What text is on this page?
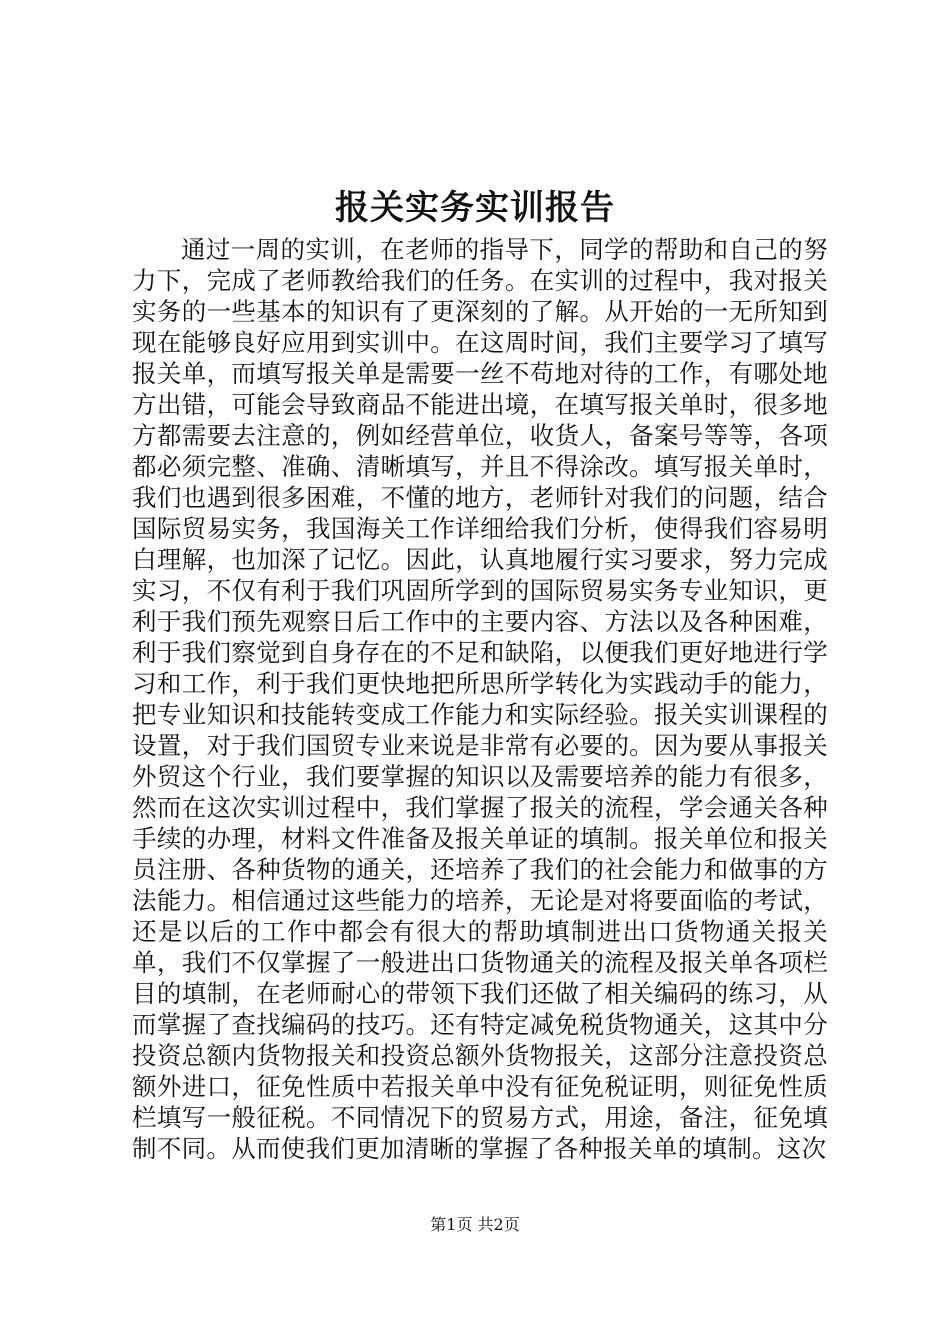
报关实务实训报告

通过一周的实训，在老师的指导下，同学的帮助和自己的努力下，完成了老师教给我们的任务。在实训的过程中，我对报关实务的一些基本的知识有了更深刻的了解。从开始的一无所知到现在能够良好应用到实训中。在这周时间，我们主要学习了填写报关单，而填写报关单是需要一丝不苟地对待的工作，有哪处地方出错，可能会导致商品不能进出境，在填写报关单时，很多地方都需要去注意的，例如经营单位，收货人，备案号等等，各项都必须完整、准确、清晰填写，并且不得涂改。填写报关单时，我们也遇到很多困难，不懂的地方，老师针对我们的问题，结合国际贸易实务，我国海关工作详细给我们分析，使得我们容易明白理解，也加深了记忆。因此，认真地履行实习要求，努力完成实习，不仅有利于我们巩固所学到的国际贸易实务专业知识，更利于我们预先观察日后工作中的主要内容、方法以及各种困难，利于我们察觉到自身存在的不足和缺陷，以便我们更好地进行学习和工作，利于我们更快地把所思所学转化为实践动手的能力，把专业知识和技能转变成工作能力和实际经验。报关实训课程的设置，对于我们国贸专业来说是非常有必要的。因为要从事报关外贸这个行业，我们要掌握的知识以及需要培养的能力有很多，然而在这次实训过程中，我们掌握了报关的流程，学会通关各种手续的办理，材料文件准备及报关单证的填制。报关单位和报关员注册、各种货物的通关，还培养了我们的社会能力和做事的方法能力。相信通过这些能力的培养，无论是对将要面临的考试，还是以后的工作中都会有很大的帮助填制进出口货物通关报关单，我们不仅掌握了一般进出口货物通关的流程及报关单各项栏目的填制，在老师耐心的带领下我们还做了相关编码的练习，从而掌握了查找编码的技巧。还有特定减免税货物通关，这其中分投资总额内货物报关和投资总额外货物报关，这部分注意投资总额外进口，征免性质中若报关单中没有征免税证明，则征免性质栏填写一般征税。不同情况下的贸易方式，用途，备注，征免填制不同。从而使我们更加清晰的掌握了各种报关单的填制。这次

第1页 共2页
